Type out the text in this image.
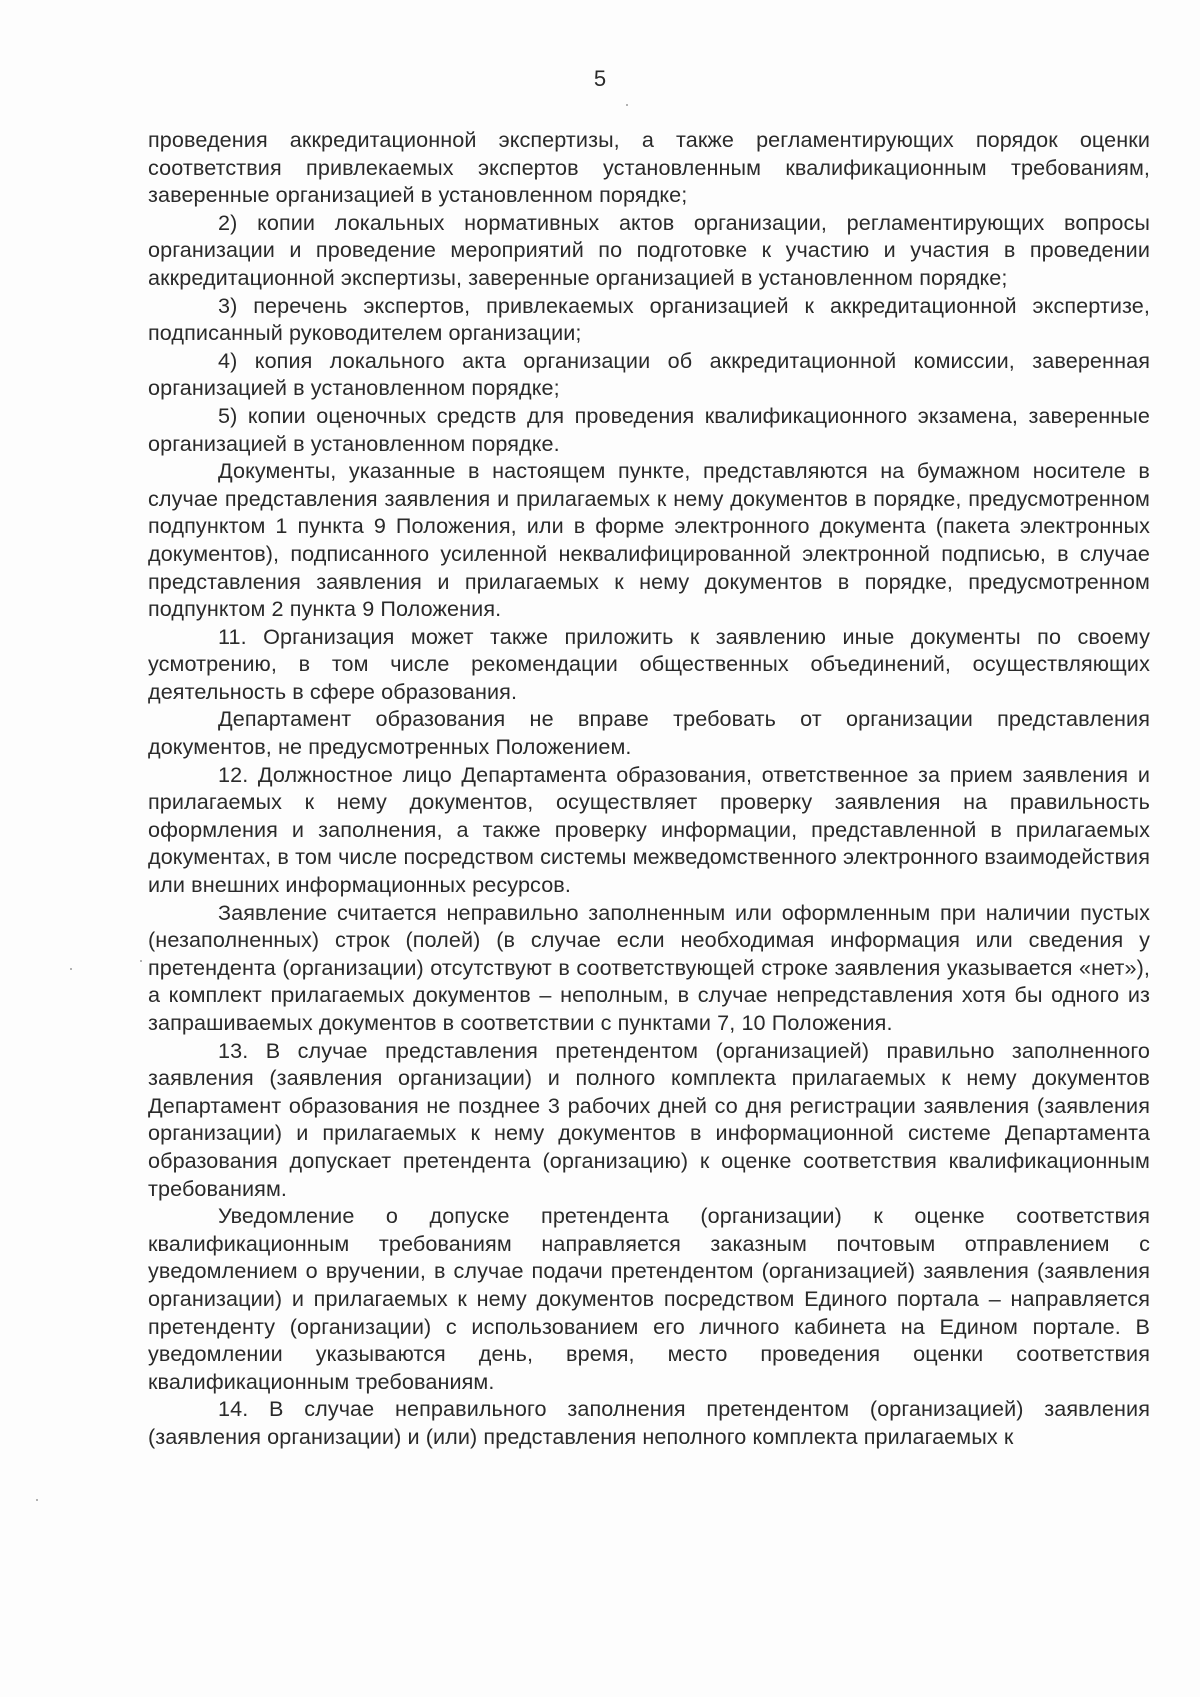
5

проведения аккредитационной экспертизы, а также регламентирующих порядок оценки соответствия привлекаемых экспертов установленным квалификационным требованиям, заверенные организацией в установленном порядке;

2) копии локальных нормативных актов организации, регламентирующих вопросы организации и проведение мероприятий по подготовке к участию и участия в проведении аккредитационной экспертизы, заверенные организацией в установленном порядке;

3) перечень экспертов, привлекаемых организацией к аккредитационной экспертизе, подписанный руководителем организации;

4) копия локального акта организации об аккредитационной комиссии, заверенная организацией в установленном порядке;

5) копии оценочных средств для проведения квалификационного экзамена, заверенные организацией в установленном порядке.

Документы, указанные в настоящем пункте, представляются на бумажном носителе в случае представления заявления и прилагаемых к нему документов в порядке, предусмотренном подпунктом 1 пункта 9 Положения, или в форме электронного документа (пакета электронных документов), подписанного усиленной неквалифицированной электронной подписью, в случае представления заявления и прилагаемых к нему документов в порядке, предусмотренном подпунктом 2 пункта 9 Положения.

11. Организация может также приложить к заявлению иные документы по своему усмотрению, в том числе рекомендации общественных объединений, осуществляющих деятельность в сфере образования.

Департамент образования не вправе требовать от организации представления документов, не предусмотренных Положением.

12. Должностное лицо Департамента образования, ответственное за прием заявления и прилагаемых к нему документов, осуществляет проверку заявления на правильность оформления и заполнения, а также проверку информации, представленной в прилагаемых документах, в том числе посредством системы межведомственного электронного взаимодействия или внешних информационных ресурсов.

Заявление считается неправильно заполненным или оформленным при наличии пустых (незаполненных) строк (полей) (в случае если необходимая информация или сведения у претендента (организации) отсутствуют в соответствующей строке заявления указывается «нет»), а комплект прилагаемых документов – неполным, в случае непредставления хотя бы одного из запрашиваемых документов в соответствии с пунктами 7, 10 Положения.

13. В случае представления претендентом (организацией) правильно заполненного заявления (заявления организации) и полного комплекта прилагаемых к нему документов Департамент образования не позднее 3 рабочих дней со дня регистрации заявления (заявления организации) и прилагаемых к нему документов в информационной системе Департамента образования допускает претендента (организацию) к оценке соответствия квалификационным требованиям.

Уведомление о допуске претендента (организации) к оценке соответствия квалификационным требованиям направляется заказным почтовым отправлением с уведомлением о вручении, в случае подачи претендентом (организацией) заявления (заявления организации) и прилагаемых к нему документов посредством Единого портала – направляется претенденту (организации) с использованием его личного кабинета на Едином портале. В уведомлении указываются день, время, место проведения оценки соответствия квалификационным требованиям.

14. В случае неправильного заполнения претендентом (организацией) заявления (заявления организации) и (или) представления неполного комплекта прилагаемых к
